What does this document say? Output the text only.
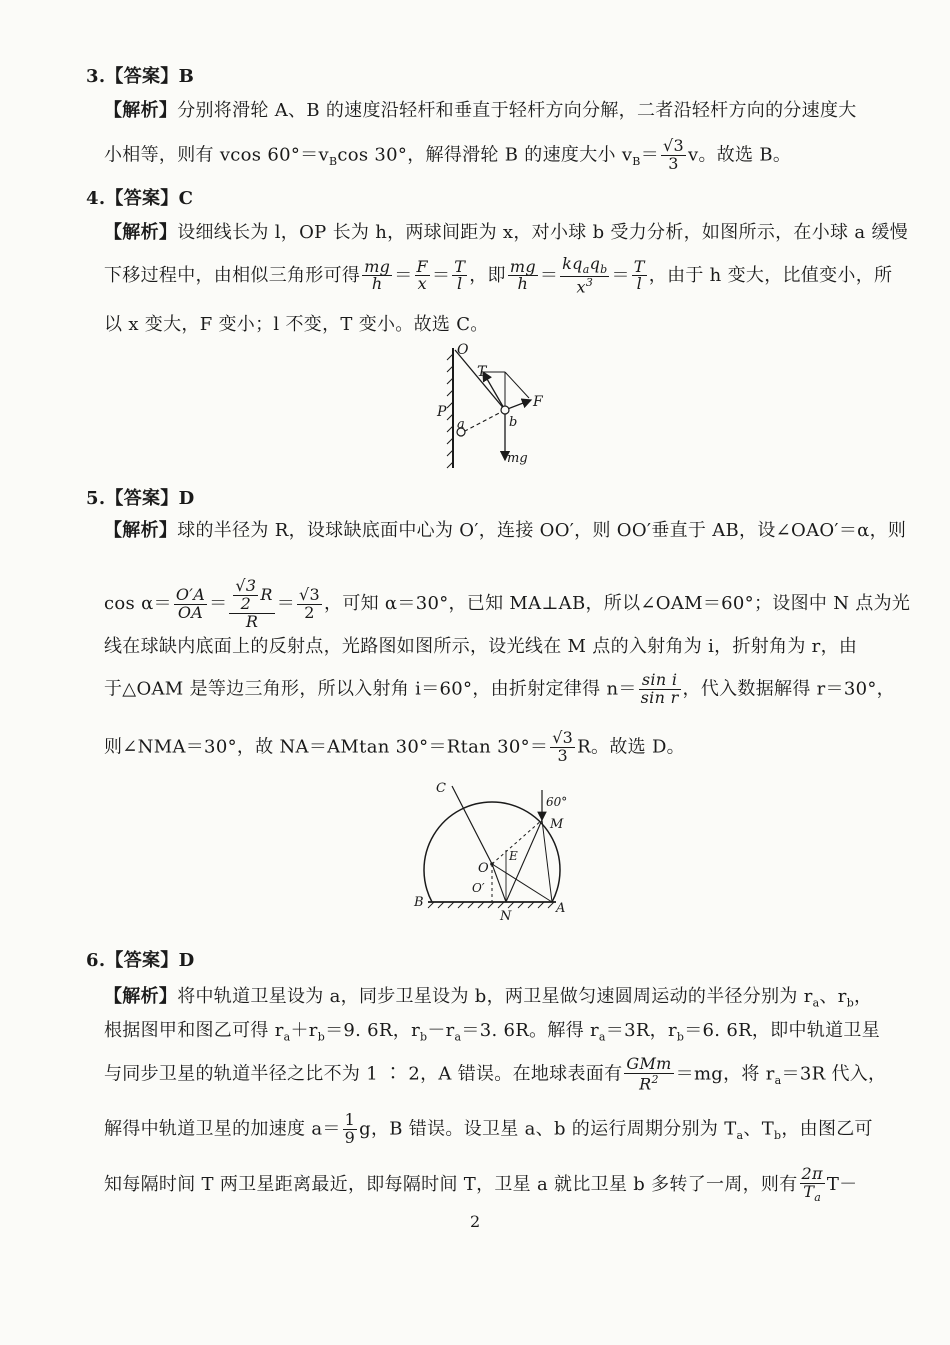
3.【答案】B
【解析】分别将滑轮 A、B 的速度沿轻杆和垂直于轻杆方向分解，二者沿轻杆方向的分速度大
小相等，则有 vcos $60^\circ=v_B\cos$ 30°，解得滑轮 B 的速度大小 $v_B= \frac{√3}{3}$ v。故选 B。
4.【答案】C
【解析】设细线长为 l，OP 长为 h，两球间距为 x，对小球 b 受力分析，如图所示，在小球 a 缓慢
下移过程中，由相似三角形可得 $\frac{mg}{h} = \frac{F}{x} = \frac{T}{l}$ ，即 $\frac{mg}{h} = \frac{kq_aq_b}{x^3} = \frac{T}{l}$ ，由于 h 变大，比值变小，所
以 x 变大，F 变小；l 不变，T 变小。故选 C。
O
T
F
P
a	b
mg
5.【答案】D
【解析】球的半径为 R，设球缺底面中心为 O′，连接 OO′，则 OO′垂直于 AB，设∠OAO′＝α，则
$\cos \alpha= \frac{O'A}{OA} = \frac{\frac{√3}{2} R}{R} = \frac{√3}{2}$ ，可知 α＝30°，已知 MA⊥AB，所以∠OAM＝60°；设图中 N 点为光
线在球缺内底面上的反射点，光路图如图所示，设光线在 M 点的入射角为 i，折射角为 r，由
于△OAM 是等边三角形，所以入射角 i＝60°，由折射定律得 $n= \frac{\text{sin i}}{\text{sin r}}$ ，代入数据解得 r＝30°，
则∠NMA＝30°，故 NA＝AMtan 30°＝Rtan $30^\circ= \frac{√3}{3}$ R。故选 D。
C
60°
M
O
E
O′
B
N
A
6.【答案】D
【解析】将中轨道卫星设为 a，同步卫星设为 b，两卫星做匀速圆周运动的半径分别为 $r_a$、$r_b$，
根据图甲和图乙可得 $r_a+r_b=9$. 6R，$r_b-r_a=3$. 6R。解得 $r_a=3R$，$r_b=6$. 6R，即中轨道卫星
与同步卫星的轨道半径之比不为 1 ∶ 2，A 错误。在地球表面有 $\frac{\text{GMm}}{R^2} =mg$，将 $r_a=3R$ 代入，
解得中轨道卫星的加速度 $a= \frac{1}{9}$ g，B 错误。设卫星 a、b 的运行周期分别为 $T_a$、$T_b$，由图乙可
知每隔时间 T 两卫星距离最近，即每隔时间 T，卫星 a 就比卫星 b 多转了一周，则有 $\frac{2\pi}{T_a} T-$
2
